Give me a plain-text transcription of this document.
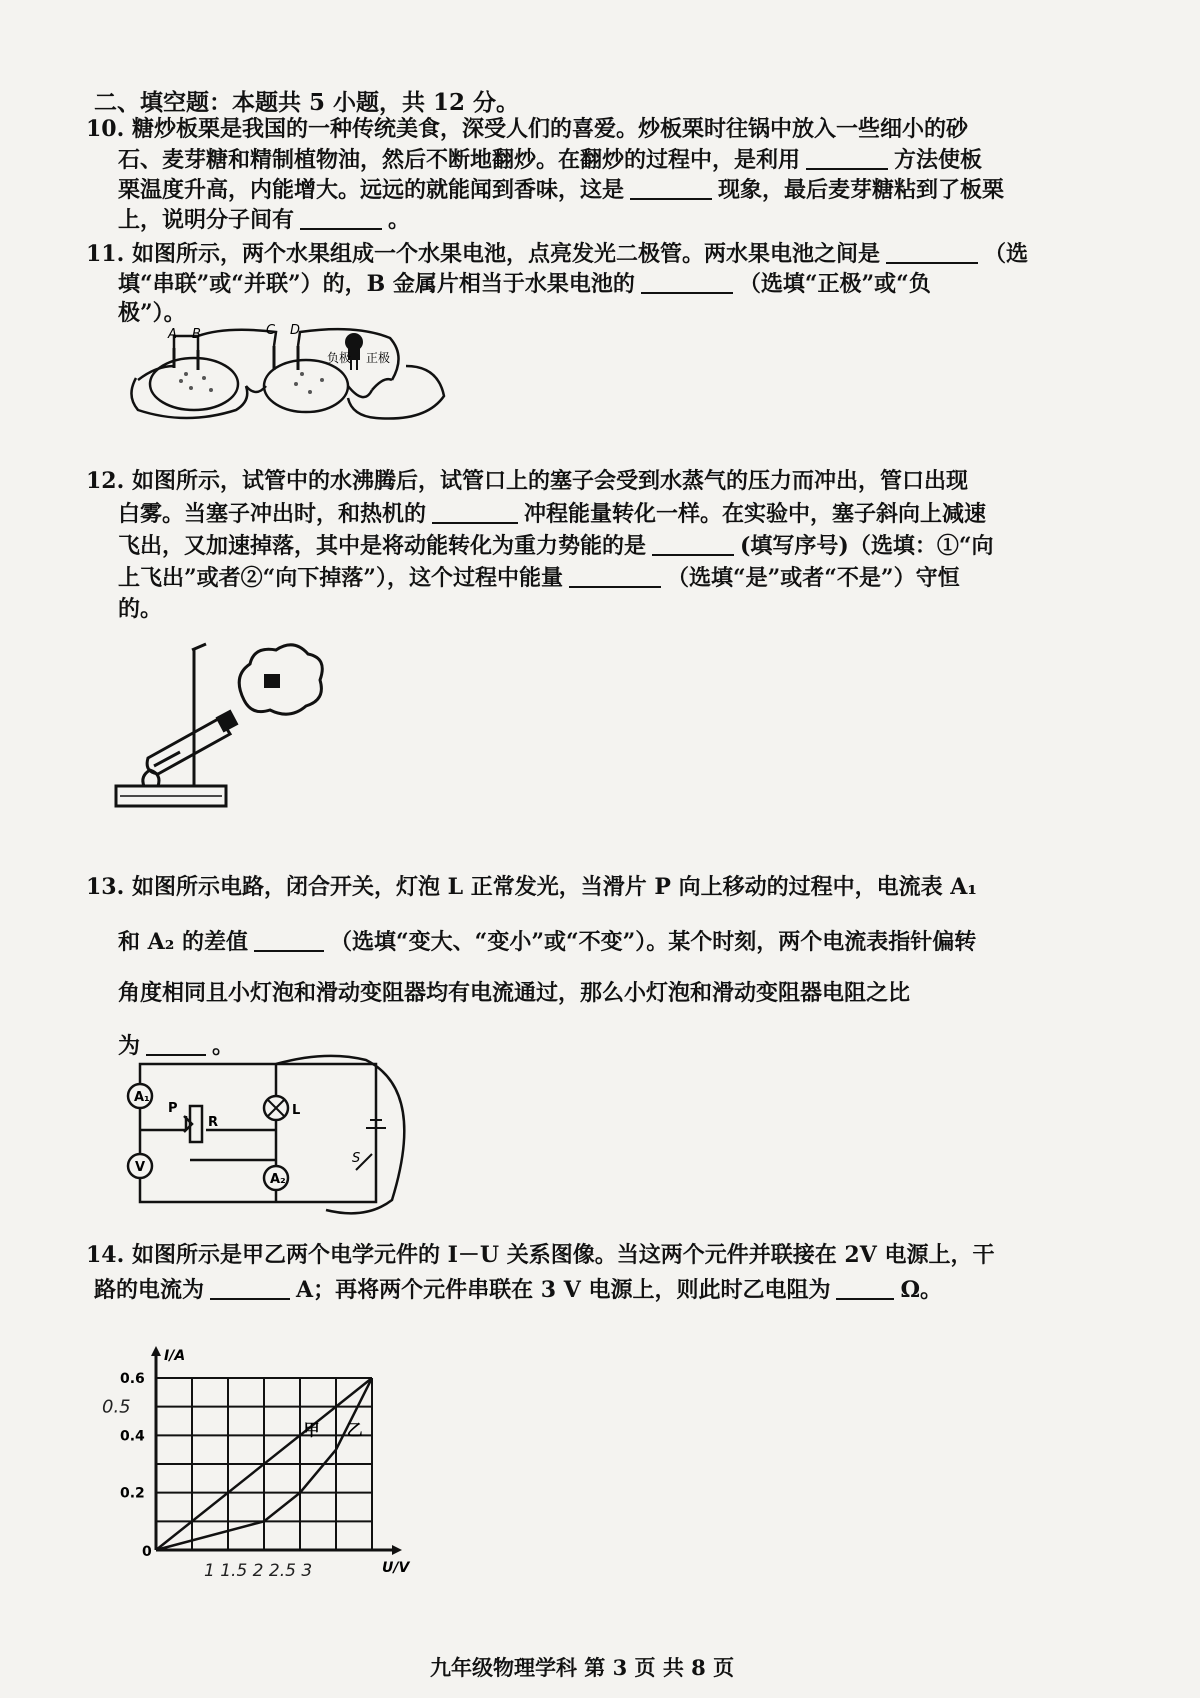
二、填空题：本题共 5 小题，共 12 分。
10. 糖炒板栗是我国的一种传统美食，深受人们的喜爱。炒板栗时往锅中放入一些细小的砂
石、麦芽糖和精制植物油，然后不断地翻炒。在翻炒的过程中，是利用	方法使板
栗温度升高，内能增大。远远的就能闻到香味，这是	现象，最后麦芽糖粘到了板栗
上，说明分子间有	。
11. 如图所示，两个水果组成一个水果电池，点亮发光二极管。两水果电池之间是	（选
填“串联”或“并联”）的，B 金属片相当于水果电池的	（选填“正极”或“负
极”）。
A B	C D
负极 正极
12. 如图所示，试管中的水沸腾后，试管口上的塞子会受到水蒸气的压力而冲出，管口出现
白雾。当塞子冲出时，和热机的	冲程能量转化一样。在实验中，塞子斜向上减速
飞出，又加速掉落，其中是将动能转化为重力势能的是	(填写序号)（选填：①“向
上飞出”或者②“向下掉落”），这个过程中能量	（选填“是”或者“不是”）守恒
的。
13. 如图所示电路，闭合开关，灯泡 L 正常发光，当滑片 P 向上移动的过程中，电流表 A₁
和 A₂ 的差值	（选填“变大、“变小”或“不变”）。某个时刻，两个电流表指针偏转
角度相同且小灯泡和滑动变阻器均有电流通过，那么小灯泡和滑动变阻器电阻之比
为	。
A₁
V
P
R
L
A₂
S
14. 如图所示是甲乙两个电学元件的 I－U 关系图像。当这两个元件并联接在 2V 电源上，干
路的电流为	A；再将两个元件串联在 3 V 电源上，则此时乙电阻为	Ω。
甲 乙
0.2
0.4
0.6
0
I/A
U/V
0.5
1 1.5 2 2.5 3
九年级物理学科 第 3 页 共 8 页
